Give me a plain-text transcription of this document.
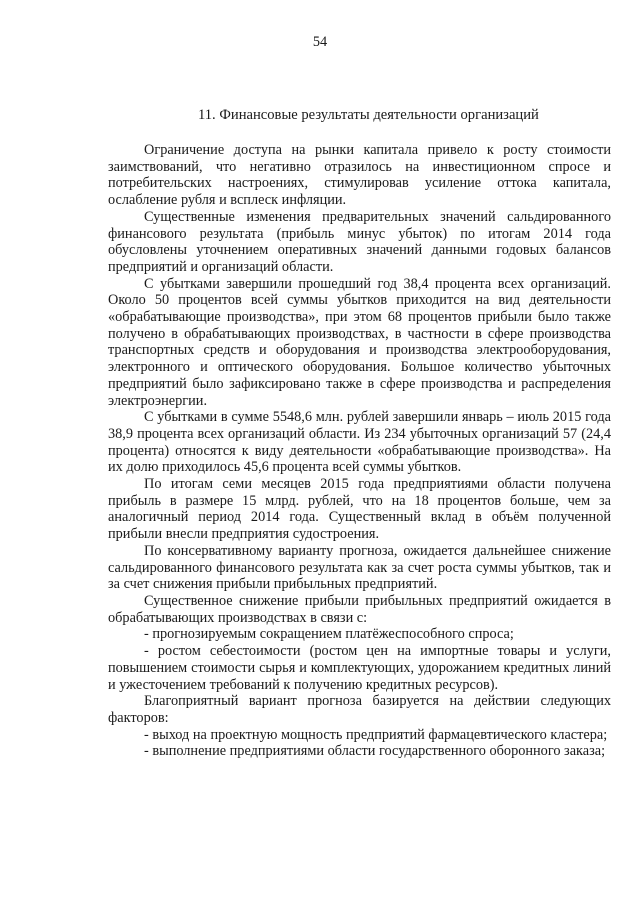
54
11. Финансовые результаты деятельности организаций

Ограничение доступа на рынки капитала привело к росту стоимости заимствований, что негативно отразилось на инвестиционном спросе и потребительских настроениях, стимулировав усиление оттока капитала, ослабление рубля и всплеск инфляции.

Существенные изменения предварительных значений сальдированного финансового результата (прибыль минус убыток) по итогам 2014 года обусловлены уточнением оперативных значений данными годовых балансов предприятий и организаций области.

С убытками завершили прошедший год 38,4 процента всех организаций. Около 50 процентов всей суммы убытков приходится на вид деятельности «обрабатывающие производства», при этом 68 процентов прибыли было также получено в обрабатывающих производствах, в частности в сфере производства транспортных средств и оборудования и производства электрооборудования, электронного и оптического оборудования. Большое количество убыточных предприятий было зафиксировано также в сфере производства и распределения электроэнергии.

С убытками в сумме 5548,6 млн. рублей завершили январь – июль 2015 года 38,9 процента всех организаций области. Из 234 убыточных организаций 57 (24,4 процента) относятся к виду деятельности «обрабатывающие производства». На их долю приходилось 45,6 процента всей суммы убытков.

По итогам семи месяцев 2015 года предприятиями области получена прибыль в размере 15 млрд. рублей, что на 18 процентов больше, чем за аналогичный период 2014 года. Существенный вклад в объём полученной прибыли внесли предприятия судостроения.

По консервативному варианту прогноза, ожидается дальнейшее снижение сальдированного финансового результата как за счет роста суммы убытков, так и за счет снижения прибыли прибыльных предприятий.

Существенное снижение прибыли прибыльных предприятий ожидается в обрабатывающих производствах в связи с:

- прогнозируемым сокращением платёжеспособного спроса;

- ростом себестоимости (ростом цен на импортные товары и услуги, повышением стоимости сырья и комплектующих, удорожанием кредитных линий и ужесточением требований к получению кредитных ресурсов).

Благоприятный вариант прогноза базируется на действии следующих факторов:

- выход на проектную мощность предприятий фармацевтического кластера;

- выполнение предприятиями области государственного оборонного заказа;
